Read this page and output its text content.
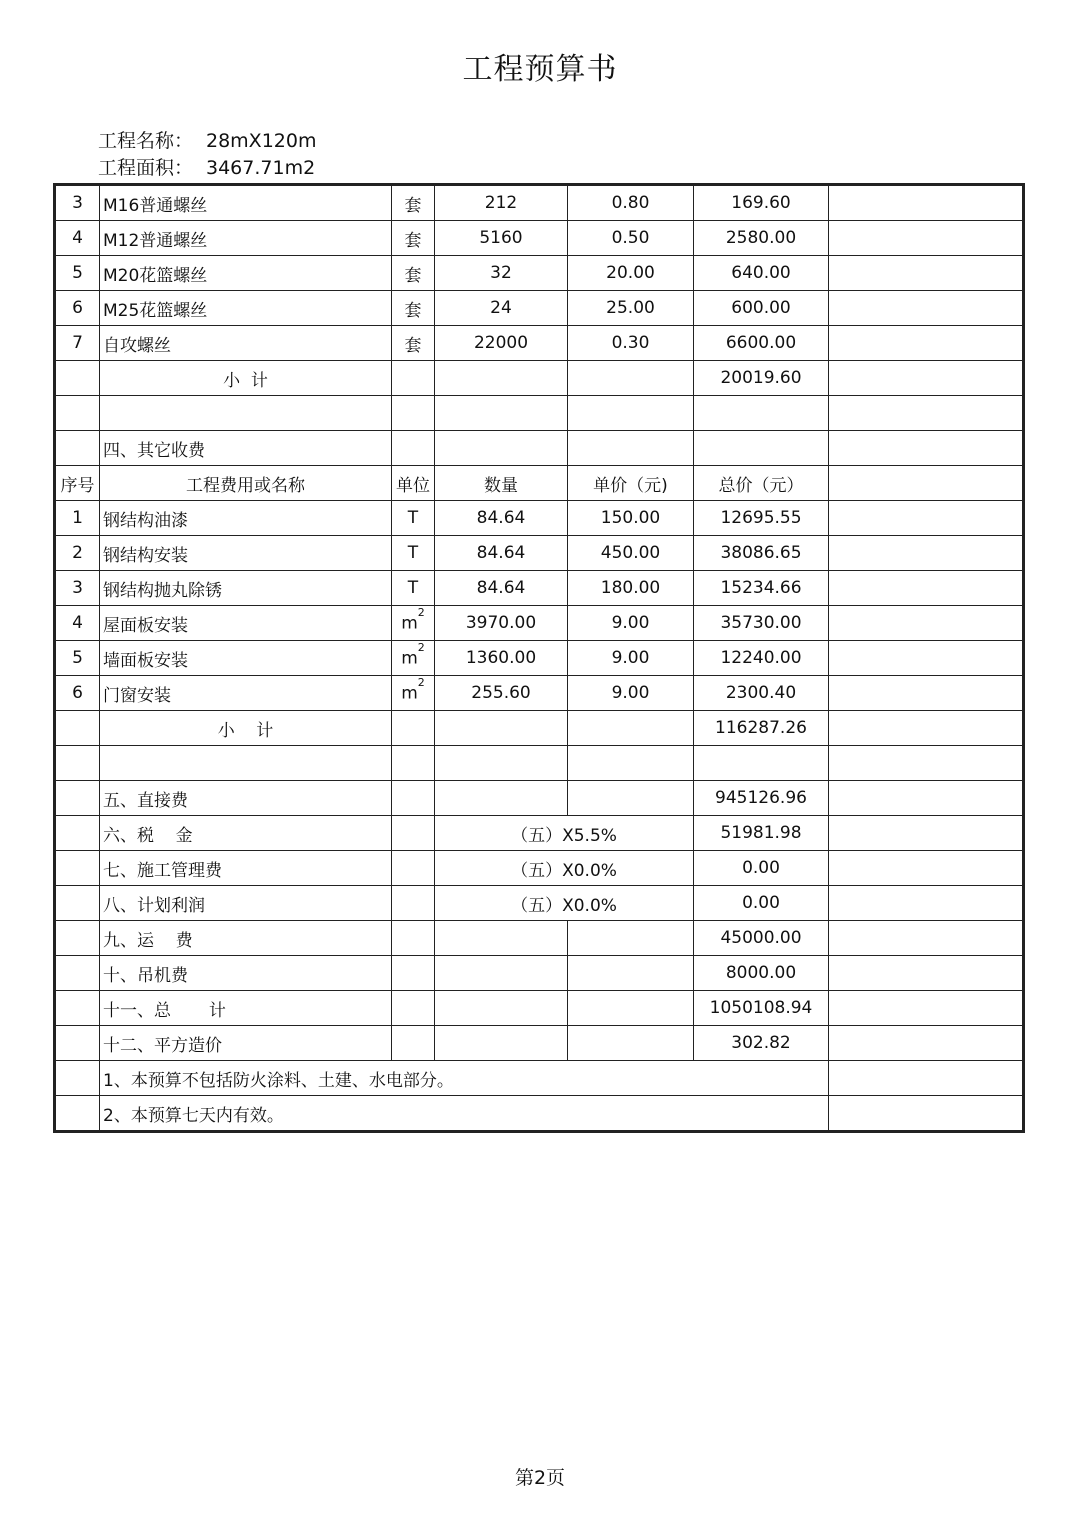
工程预算书
工程名称： 28mX120m
工程面积： 3467.71m2
3	M16普通螺丝	套	212	0.80	169.60	
4	M12普通螺丝	套	5160	0.50	2580.00	
5	M20花篮螺丝	套	32	20.00	640.00	
6	M25花篮螺丝	套	24	25.00	600.00	
7	自攻螺丝	套	22000	0.30	6600.00	
	小  计				20019.60	

	四、其它收费					
序号	工程费用或名称	单位	数量	单价（元)	总价（元）	
1	钢结构油漆	T	84.64	150.00	12695.55	
2	钢结构安装	T	84.64	450.00	38086.65	
3	钢结构抛丸除锈	T	84.64	180.00	15234.66	
4	屋面板安装	$m^2$	3970.00	9.00	35730.00	
5	墙面板安装	$m^2$	1360.00	9.00	12240.00	
6	门窗安装	$m^2$	255.60	9.00	2300.40	
	小    计				116287.26	

	五、直接费				945126.96	
	六、税    金		（五）X5.5%		51981.98	
	七、施工管理费		（五）X0.0%		0.00	
	八、计划利润		（五）X0.0%		0.00	
	九、运    费				45000.00	
	十、吊机费				8000.00	
	十一、总       计				1050108.94	
	十二、平方造价				302.82	
	1、本预算不包括防火涂料、土建、水电部分。					
	2、本预算七天内有效。					
第2页
